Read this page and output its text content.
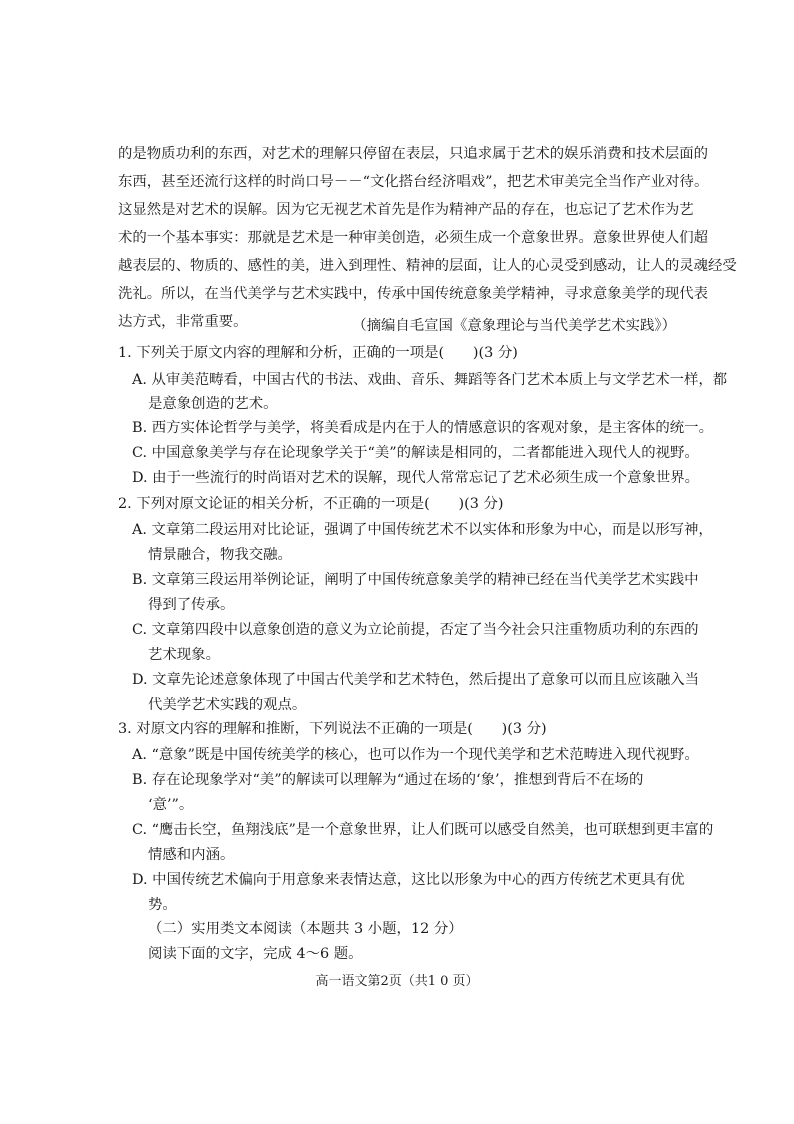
的是物质功利的东西，对艺术的理解只停留在表层，只追求属于艺术的娱乐消费和技术层面的
东西，甚至还流行这样的时尚口号－－“文化搭台经济唱戏”，把艺术审美完全当作产业对待。
这显然是对艺术的误解。因为它无视艺术首先是作为精神产品的存在，也忘记了艺术作为艺
术的一个基本事实：那就是艺术是一种审美创造，必须生成一个意象世界。意象世界使人们超
越表层的、物质的、感性的美，进入到理性、精神的层面，让人的心灵受到感动，让人的灵魂经受
洗礼。所以，在当代美学与艺术实践中，传承中国传统意象美学精神，寻求意象美学的现代表
达方式，非常重要。	（摘编自毛宣国《意象理论与当代美学艺术实践》）
1. 下列关于原文内容的理解和分析，正确的一项是(　　)(3 分)
A. 从审美范畴看，中国古代的书法、戏曲、音乐、舞蹈等各门艺术本质上与文学艺术一样，都
是意象创造的艺术。
B. 西方实体论哲学与美学，将美看成是内在于人的情感意识的客观对象，是主客体的统一。
C. 中国意象美学与存在论现象学关于“美”的解读是相同的，二者都能进入现代人的视野。
D. 由于一些流行的时尚语对艺术的误解，现代人常常忘记了艺术必须生成一个意象世界。
2. 下列对原文论证的相关分析，不正确的一项是(　　)(3 分)
A. 文章第二段运用对比论证，强调了中国传统艺术不以实体和形象为中心，而是以形写神，
情景融合，物我交融。
B. 文章第三段运用举例论证，阐明了中国传统意象美学的精神已经在当代美学艺术实践中
得到了传承。
C. 文章第四段中以意象创造的意义为立论前提，否定了当今社会只注重物质功利的东西的
艺术现象。
D. 文章先论述意象体现了中国古代美学和艺术特色，然后提出了意象可以而且应该融入当
代美学艺术实践的观点。
3. 对原文内容的理解和推断，下列说法不正确的一项是(　　)(3 分)
A. “意象”既是中国传统美学的核心，也可以作为一个现代美学和艺术范畴进入现代视野。
B. 存在论现象学对“美”的解读可以理解为“通过在场的‘象’，推想到背后不在场的
‘意’”。
C. “鹰击长空，鱼翔浅底”是一个意象世界，让人们既可以感受自然美，也可联想到更丰富的
情感和内涵。
D. 中国传统艺术偏向于用意象来表情达意，这比以形象为中心的西方传统艺术更具有优
势。
（二）实用类文本阅读（本题共 3 小题，12 分）
阅读下面的文字，完成 4～6 题。
高一语文第2页（共1 0 页）
